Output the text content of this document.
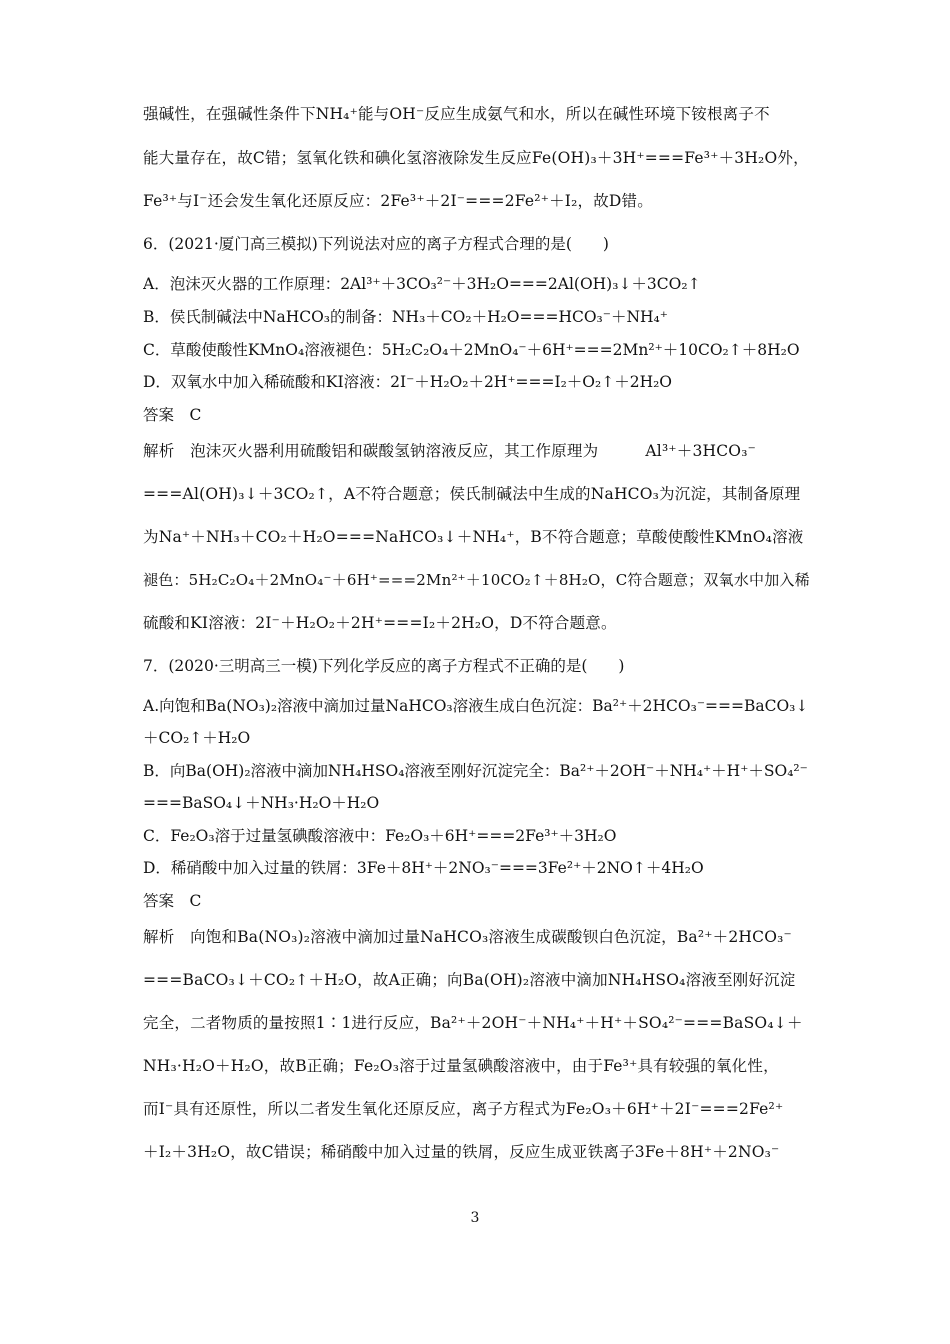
强碱性，在强碱性条件下NH₄⁺能与OH⁻反应生成氨气和水，所以在碱性环境下铵根离子不
能大量存在，故C错；氢氧化铁和碘化氢溶液除发生反应Fe(OH)₃＋3H⁺===Fe³⁺＋3H₂O外，
Fe³⁺与I⁻还会发生氧化还原反应：2Fe³⁺＋2I⁻===2Fe²⁺＋I₂，故D错。
6．(2021·厦门高三模拟)下列说法对应的离子方程式合理的是(　　)
A．泡沫灭火器的工作原理：2Al³⁺＋3CO₃²⁻＋3H₂O===2Al(OH)₃↓＋3CO₂↑
B．侯氏制碱法中NaHCO₃的制备：NH₃＋CO₂＋H₂O===HCO₃⁻＋NH₄⁺
C．草酸使酸性KMnO₄溶液褪色：5H₂C₂O₄＋2MnO₄⁻＋6H⁺===2Mn²⁺＋10CO₂↑＋8H₂O
D．双氧水中加入稀硫酸和KI溶液：2I⁻＋H₂O₂＋2H⁺===I₂＋O₂↑＋2H₂O
答案　C
解析　泡沫灭火器利用硫酸铝和碳酸氢钠溶液反应，其工作原理为　　　Al³⁺＋3HCO₃⁻
===Al(OH)₃↓＋3CO₂↑，A不符合题意；侯氏制碱法中生成的NaHCO₃为沉淀，其制备原理
为Na⁺＋NH₃＋CO₂＋H₂O===NaHCO₃↓＋NH₄⁺，B不符合题意；草酸使酸性KMnO₄溶液
褪色：5H₂C₂O₄＋2MnO₄⁻＋6H⁺===2Mn²⁺＋10CO₂↑＋8H₂O，C符合题意；双氧水中加入稀
硫酸和KI溶液：2I⁻＋H₂O₂＋2H⁺===I₂＋2H₂O，D不符合题意。
7．(2020·三明高三一模)下列化学反应的离子方程式不正确的是(　　)
A.向饱和Ba(NO₃)₂溶液中滴加过量NaHCO₃溶液生成白色沉淀：Ba²⁺＋2HCO₃⁻===BaCO₃↓
＋CO₂↑＋H₂O
B．向Ba(OH)₂溶液中滴加NH₄HSO₄溶液至刚好沉淀完全：Ba²⁺＋2OH⁻＋NH₄⁺＋H⁺＋SO₄²⁻
===BaSO₄↓＋NH₃·H₂O＋H₂O
C．Fe₂O₃溶于过量氢碘酸溶液中：Fe₂O₃＋6H⁺===2Fe³⁺＋3H₂O
D．稀硝酸中加入过量的铁屑：3Fe＋8H⁺＋2NO₃⁻===3Fe²⁺＋2NO↑＋4H₂O
答案　C
解析　向饱和Ba(NO₃)₂溶液中滴加过量NaHCO₃溶液生成碳酸钡白色沉淀，Ba²⁺＋2HCO₃⁻
===BaCO₃↓＋CO₂↑＋H₂O，故A正确；向Ba(OH)₂溶液中滴加NH₄HSO₄溶液至刚好沉淀
完全，二者物质的量按照1∶1进行反应，Ba²⁺＋2OH⁻＋NH₄⁺＋H⁺＋SO₄²⁻===BaSO₄↓＋
NH₃·H₂O＋H₂O，故B正确；Fe₂O₃溶于过量氢碘酸溶液中，由于Fe³⁺具有较强的氧化性，
而I⁻具有还原性，所以二者发生氧化还原反应，离子方程式为Fe₂O₃＋6H⁺＋2I⁻===2Fe²⁺
＋I₂＋3H₂O，故C错误；稀硝酸中加入过量的铁屑，反应生成亚铁离子3Fe＋8H⁺＋2NO₃⁻
3
